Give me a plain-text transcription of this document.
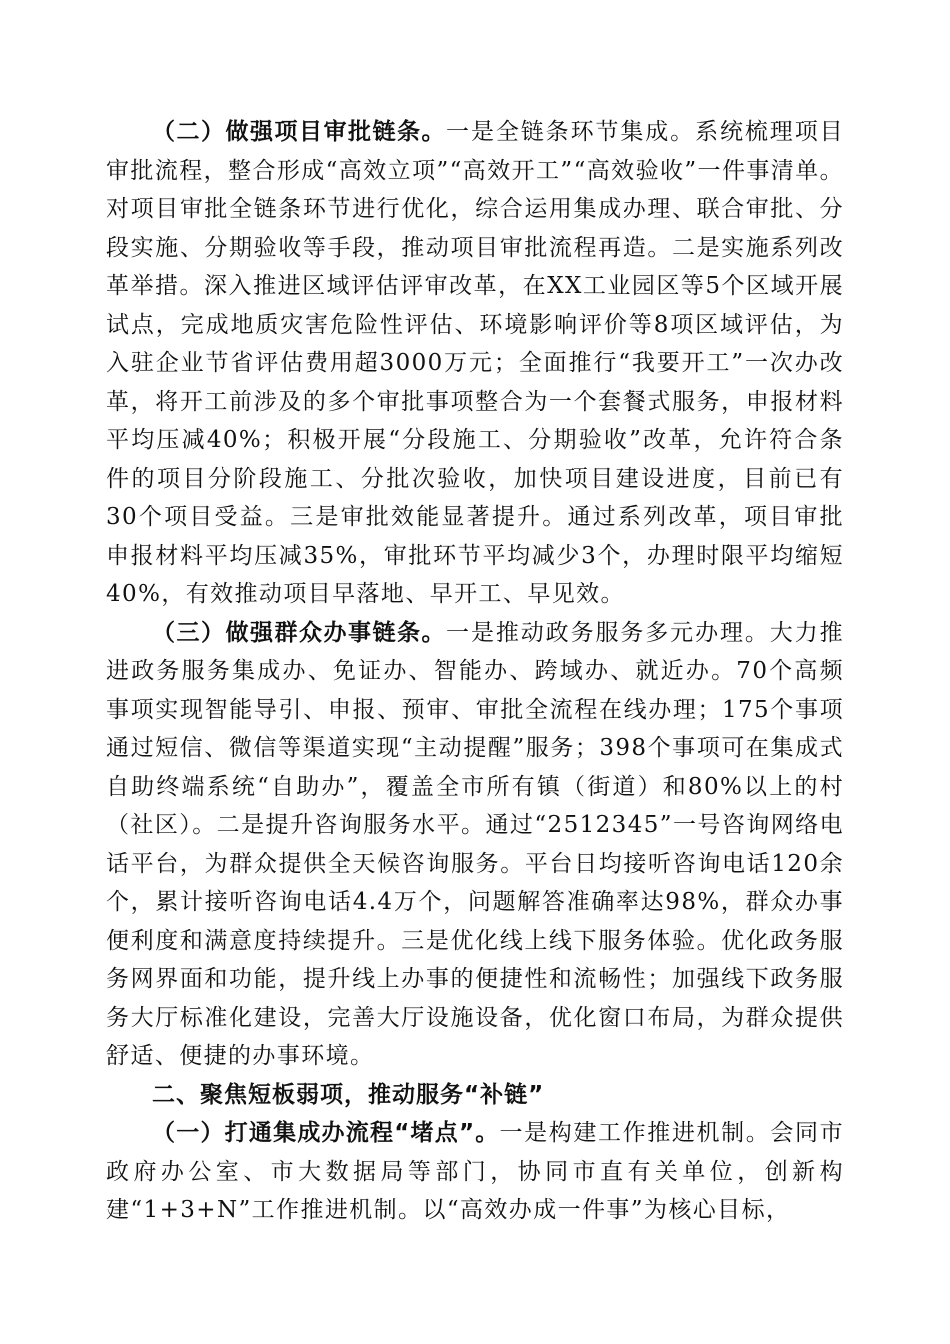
（二）做强项目审批链条。一是全链条环节集成。系统梳理项目审批流程，整合形成“高效立项”“高效开工”“高效验收”一件事清单。对项目审批全链条环节进行优化，综合运用集成办理、联合审批、分段实施、分期验收等手段，推动项目审批流程再造。二是实施系列改革举措。深入推进区域评估评审改革，在XX工业园区等5个区域开展试点，完成地质灾害危险性评估、环境影响评价等8项区域评估，为入驻企业节省评估费用超3000万元；全面推行“我要开工”一次办改革，将开工前涉及的多个审批事项整合为一个套餐式服务，申报材料平均压减40%；积极开展“分段施工、分期验收”改革，允许符合条件的项目分阶段施工、分批次验收，加快项目建设进度，目前已有30个项目受益。三是审批效能显著提升。通过系列改革，项目审批申报材料平均压减35%，审批环节平均减少3个，办理时限平均缩短40%，有效推动项目早落地、早开工、早见效。

（三）做强群众办事链条。一是推动政务服务多元办理。大力推进政务服务集成办、免证办、智能办、跨域办、就近办。70个高频事项实现智能导引、申报、预审、审批全流程在线办理；175个事项通过短信、微信等渠道实现“主动提醒”服务；398个事项可在集成式自助终端系统“自助办”，覆盖全市所有镇（街道）和80%以上的村（社区）。二是提升咨询服务水平。通过“2512345”一号咨询网络电话平台，为群众提供全天候咨询服务。平台日均接听咨询电话120余个，累计接听咨询电话4.4万个，问题解答准确率达98%，群众办事便利度和满意度持续提升。三是优化线上线下服务体验。优化政务服务网界面和功能，提升线上办事的便捷性和流畅性；加强线下政务服务大厅标准化建设，完善大厅设施设备，优化窗口布局，为群众提供舒适、便捷的办事环境。

二、聚焦短板弱项，推动服务“补链”

（一）打通集成办流程“堵点”。一是构建工作推进机制。会同市政府办公室、市大数据局等部门，协同市直有关单位，创新构建“1+3+N”工作推进机制。以“高效办成一件事”为核心目标，
